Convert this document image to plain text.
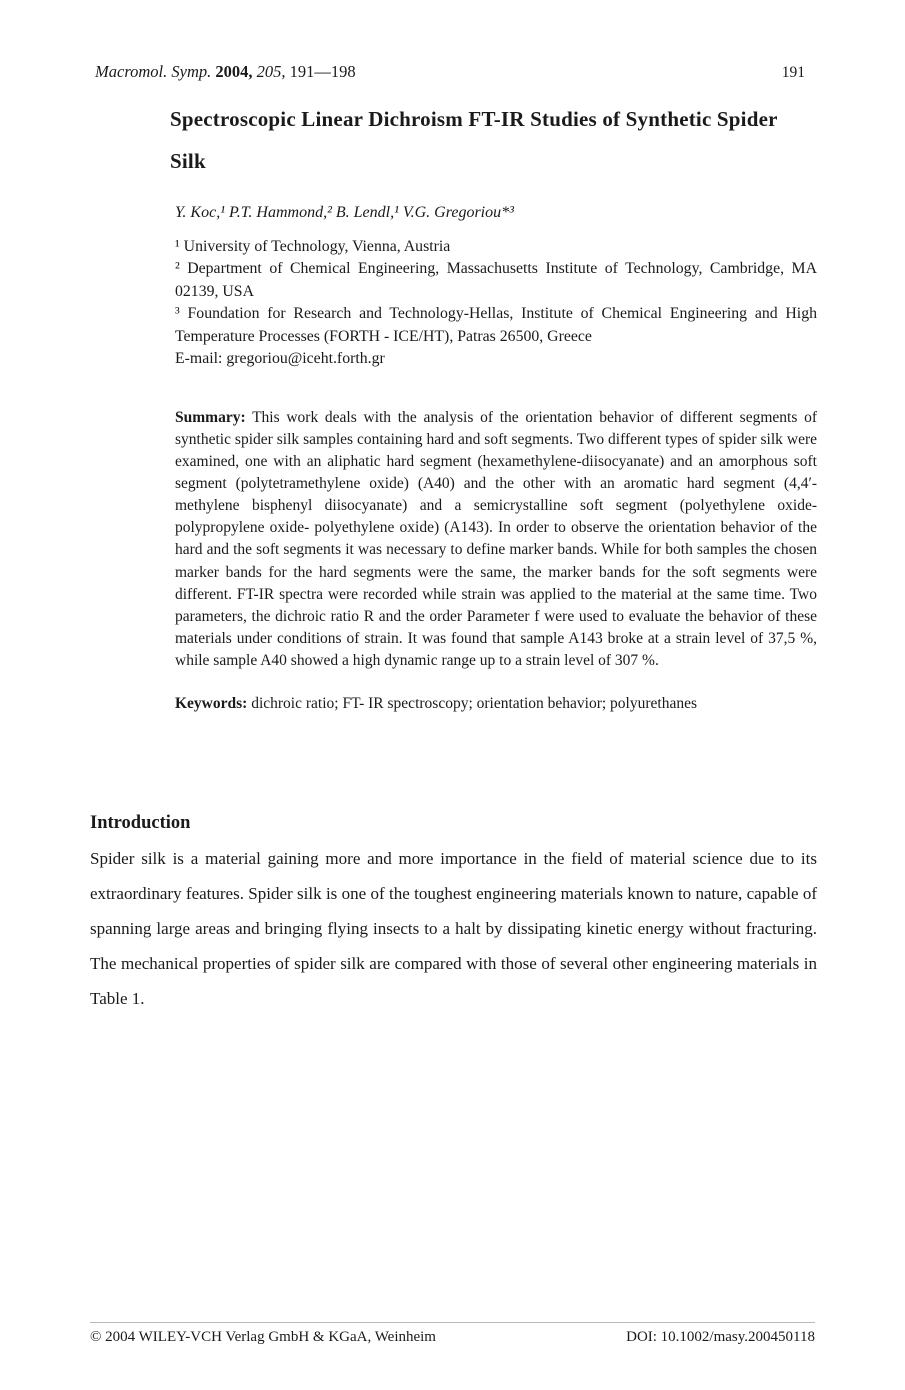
Macromol. Symp. 2004, 205, 191—198	191
Spectroscopic Linear Dichroism FT-IR Studies of Synthetic Spider Silk
Y. Koc,¹ P.T. Hammond,² B. Lendl,¹ V.G. Gregoriou*³

¹ University of Technology, Vienna, Austria

² Department of Chemical Engineering, Massachusetts Institute of Technology, Cambridge, MA 02139, USA

³ Foundation for Research and Technology-Hellas, Institute of Chemical Engineering and High Temperature Processes (FORTH - ICE/HT), Patras 26500, Greece

E-mail: gregoriou@iceht.forth.gr

Summary: This work deals with the analysis of the orientation behavior of different segments of synthetic spider silk samples containing hard and soft segments. Two different types of spider silk were examined, one with an aliphatic hard segment (hexamethylene-diisocyanate) and an amorphous soft segment (polytetramethylene oxide) (A40) and the other with an aromatic hard segment (4,4′-methylene bisphenyl diisocyanate) and a semicrystalline soft segment (polyethylene oxide-polypropylene oxide- polyethylene oxide) (A143). In order to observe the orientation behavior of the hard and the soft segments it was necessary to define marker bands. While for both samples the chosen marker bands for the hard segments were the same, the marker bands for the soft segments were different. FT-IR spectra were recorded while strain was applied to the material at the same time. Two parameters, the dichroic ratio R and the order Parameter f were used to evaluate the behavior of these materials under conditions of strain. It was found that sample A143 broke at a strain level of 37,5 %, while sample A40 showed a high dynamic range up to a strain level of 307 %.
Keywords: dichroic ratio; FT- IR spectroscopy; orientation behavior; polyurethanes
Introduction

Spider silk is a material gaining more and more importance in the field of material science due to its extraordinary features. Spider silk is one of the toughest engineering materials known to nature, capable of spanning large areas and bringing flying insects to a halt by dissipating kinetic energy without fracturing. The mechanical properties of spider silk are compared with those of several other engineering materials in Table 1.

© 2004 WILEY-VCH Verlag GmbH & KGaA, Weinheim	DOI: 10.1002/masy.200450118
